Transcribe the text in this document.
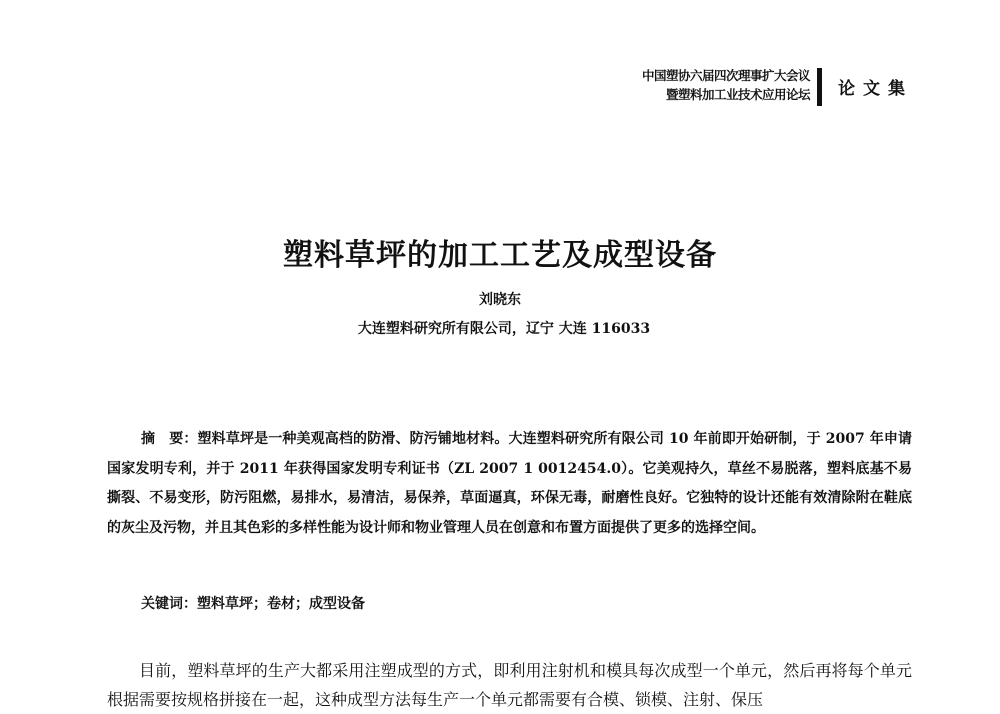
中国塑协六届四次理事扩大会议
暨塑料加工业技术应用论坛 论文集
塑料草坪的加工工艺及成型设备
刘晓东
大连塑料研究所有限公司，辽宁 大连 116033
摘　要：塑料草坪是一种美观高档的防滑、防污铺地材料。大连塑料研究所有限公司 10 年前即开始研制，于 2007 年申请国家发明专利，并于 2011 年获得国家发明专利证书（ZL 2007 1 0012454.0）。它美观持久，草丝不易脱落，塑料底基不易撕裂、不易变形，防污阻燃，易排水，易清洁，易保养，草面逼真，环保无毒，耐磨性良好。它独特的设计还能有效清除附在鞋底的灰尘及污物，并且其色彩的多样性能为设计师和物业管理人员在创意和布置方面提供了更多的选择空间。
关键词：塑料草坪；卷材；成型设备
目前，塑料草坪的生产大都采用注塑成型的方式，即利用注射机和模具每次成型一个单元，然后再将每个单元根据需要按规格拼接在一起，这种成型方法每生产一个单元都需要有合模、锁模、注射、保压
